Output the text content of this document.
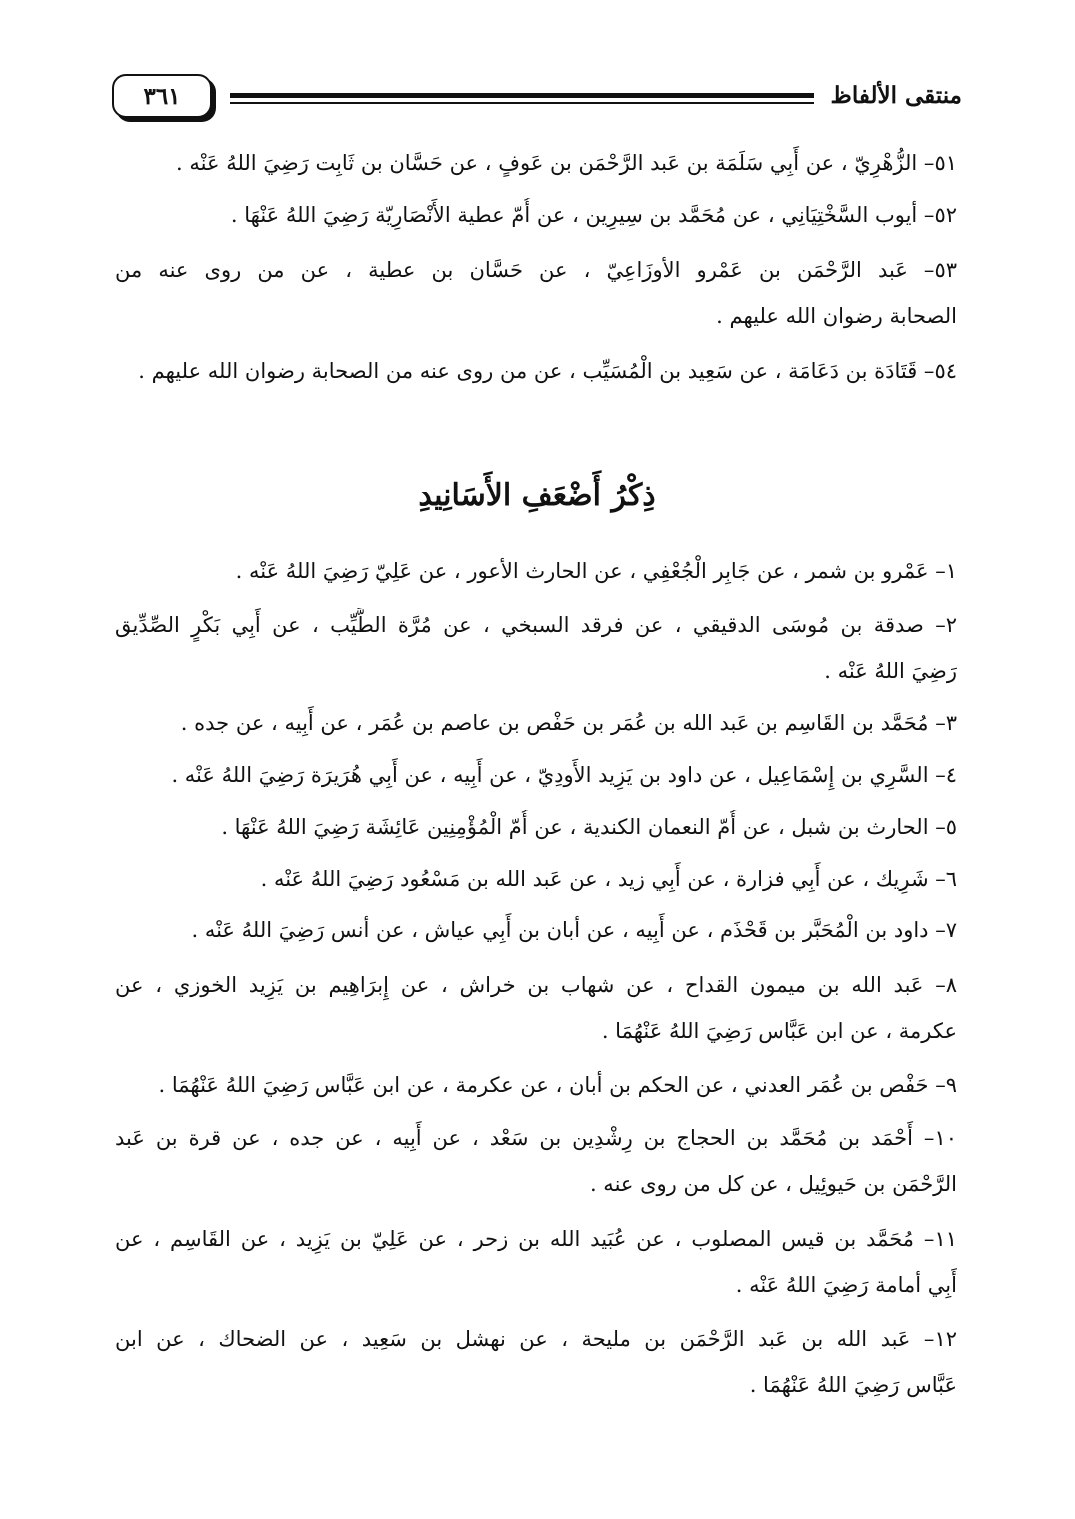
منتقى الألفاظ
٣٦١
٥١– الزُّهْرِيّ ، عن أَبِي سَلَمَة بن عَبد الرَّحْمَن بن عَوفٍ ، عن حَسَّان بن ثَابِت رَضِيَ اللهُ عَنْه .
٥٢– أيوب السَّخْتِيَانِي ، عن مُحَمَّد بن سِيرِين ، عن أُمّ عطية الأَنْصَارِيّة رَضِيَ اللهُ عَنْهَا .
٥٣– عَبد الرَّحْمَن بن عَمْرو الأوزَاعِيّ ، عن حَسَّان بن عطية ، عن من روى عنه من
الصحابة رضوان الله عليهم .
٥٤– قَتَادَة بن دَعَامَة ، عن سَعِيد بن الْمُسَيِّب ، عن من روى عنه من الصحابة رضوان الله عليهم .
ذِكْرُ أَضْعَفِ الأَسَانِيدِ
١– عَمْرو بن شمر ، عن جَابِر الْجُعْفِي ، عن الحارث الأعور ، عن عَلِيّ رَضِيَ اللهُ عَنْه .
٢– صدقة بن مُوسَى الدقيقي ، عن فرقد السبخي ، عن مُرَّة الطَّيِّب ، عن أَبِي بَكْرٍ الصِّدِّيق
رَضِيَ اللهُ عَنْه .
٣– مُحَمَّد بن القَاسِم بن عَبد الله بن عُمَر بن حَفْص بن عاصم بن عُمَر ، عن أَبِيه ، عن جده .
٤– السَّرِي بن إِسْمَاعِيل ، عن داود بن يَزِيد الأَودِيّ ، عن أَبِيه ، عن أَبِي هُرَيرَة رَضِيَ اللهُ عَنْه .
٥– الحارث بن شبل ، عن أُمّ النعمان الكندية ، عن أُمّ الْمُؤْمِنِين عَائِشَة رَضِيَ اللهُ عَنْهَا .
٦– شَرِيك ، عن أَبِي فزارة ، عن أَبِي زيد ، عن عَبد الله بن مَسْعُود رَضِيَ اللهُ عَنْه .
٧– داود بن الْمُحَبَّر بن قَحْذَم ، عن أَبِيه ، عن أبان بن أَبِي عياش ، عن أنس رَضِيَ اللهُ عَنْه .
٨– عَبد الله بن ميمون القداح ، عن شهاب بن خراش ، عن إِبرَاهِيم بن يَزِيد الخوزي ، عن
عكرمة ، عن ابن عَبَّاس رَضِيَ اللهُ عَنْهُمَا .
٩– حَفْص بن عُمَر العدني ، عن الحكم بن أبان ، عن عكرمة ، عن ابن عَبَّاس رَضِيَ اللهُ عَنْهُمَا .
١٠– أَحْمَد بن مُحَمَّد بن الحجاج بن رِشْدِين بن سَعْد ، عن أَبِيه ، عن جده ، عن قرة بن عَبد
الرَّحْمَن بن حَيوئِيل ، عن كل من روى عنه .
١١– مُحَمَّد بن قيس المصلوب ، عن عُبَيد الله بن زحر ، عن عَلِيّ بن يَزِيد ، عن القَاسِم ، عن
أَبِي أمامة رَضِيَ اللهُ عَنْه .
١٢– عَبد الله بن عَبد الرَّحْمَن بن مليحة ، عن نهشل بن سَعِيد ، عن الضحاك ، عن ابن
عَبَّاس رَضِيَ اللهُ عَنْهُمَا .
